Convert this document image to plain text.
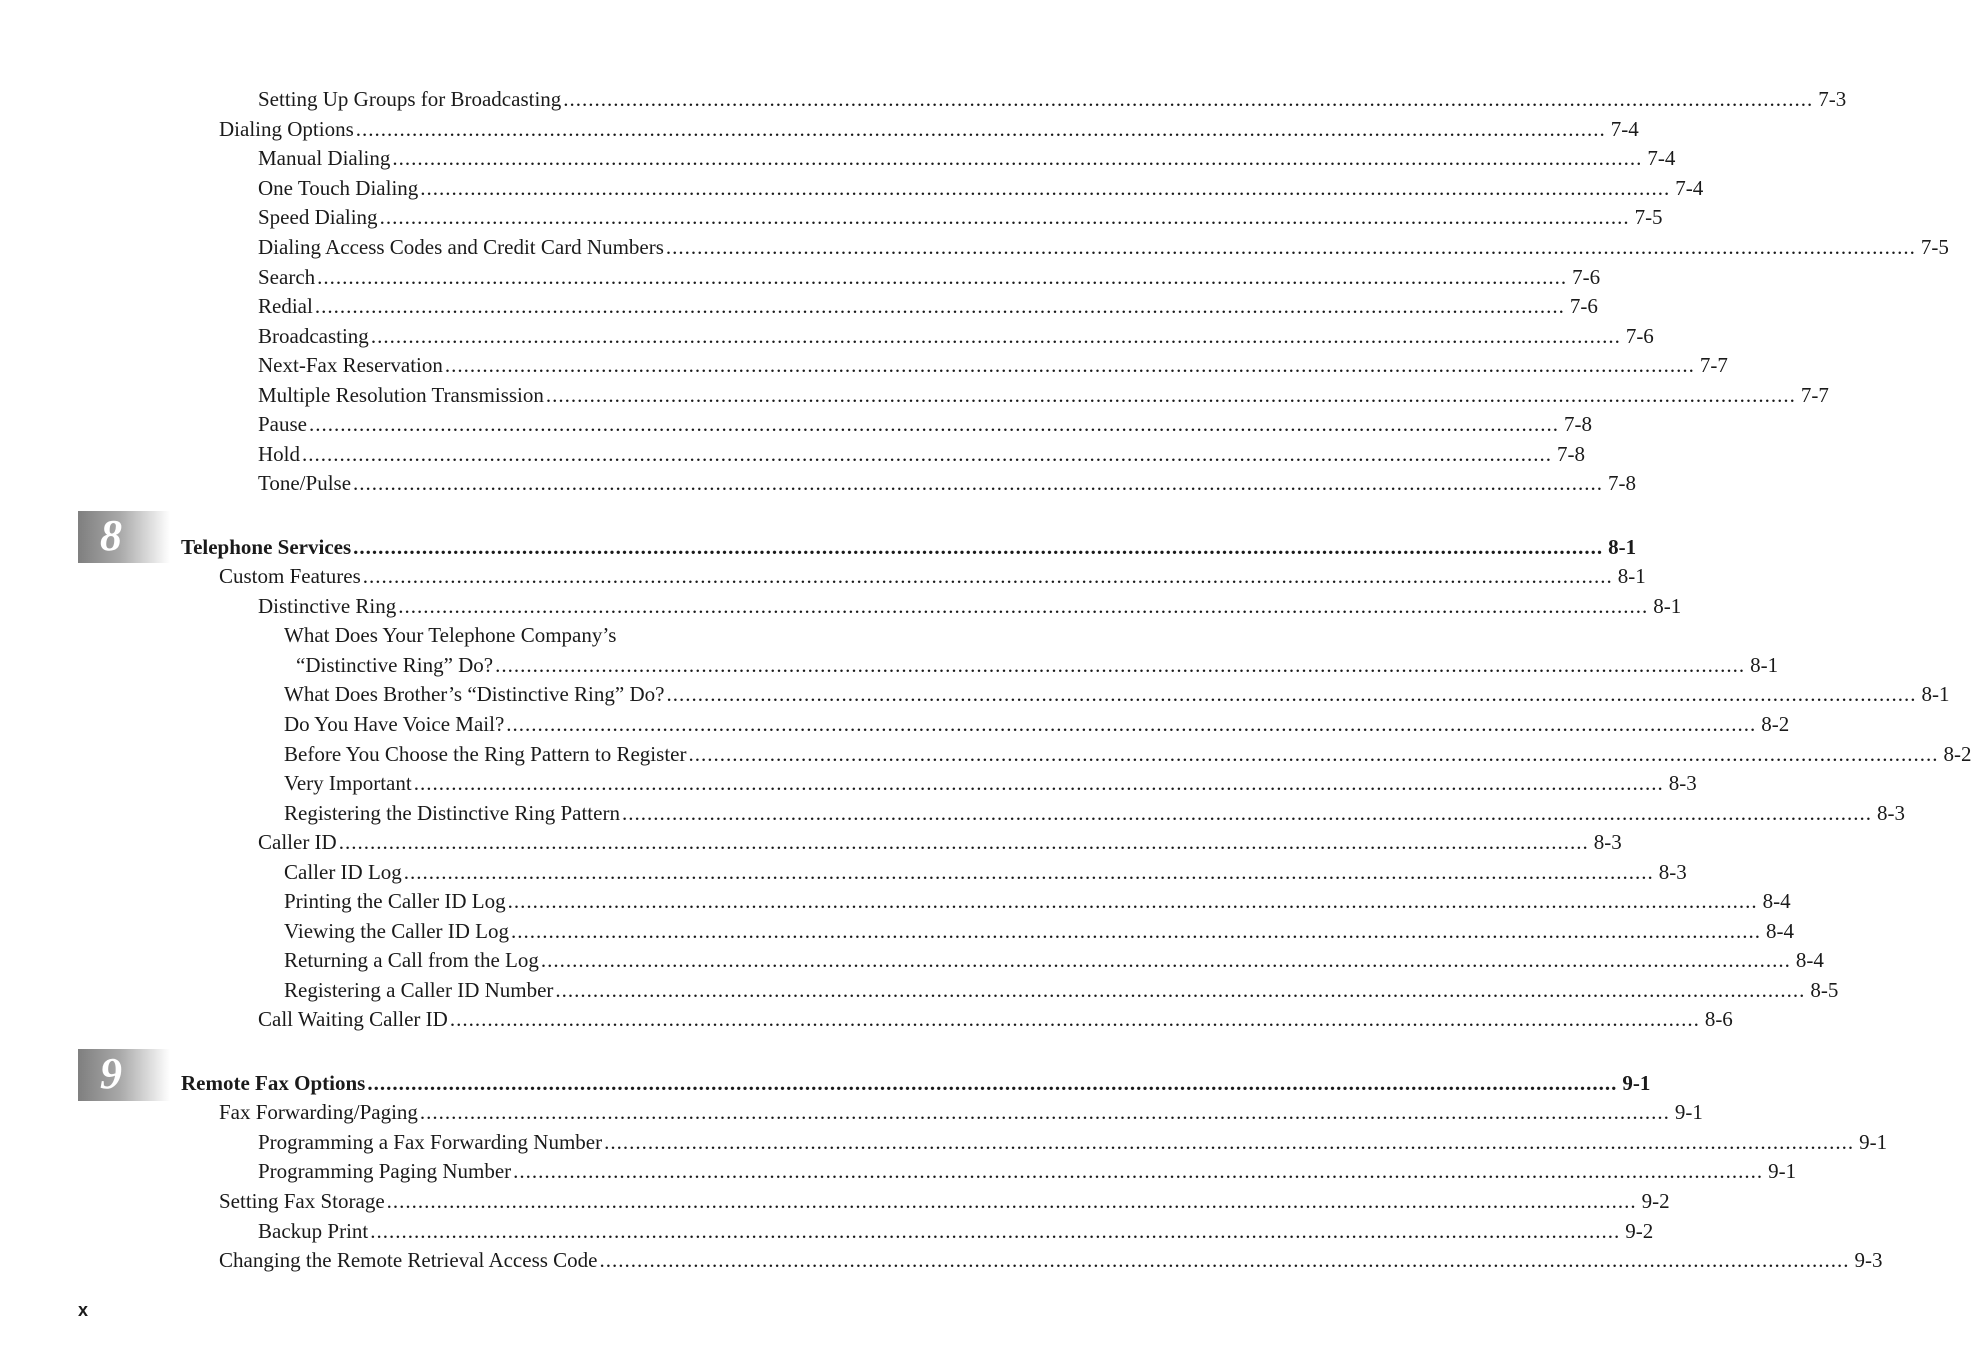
8
9
Setting Up Groups for Broadcasting ........................................................................................................................................................................................................ 7-3
Dialing Options ........................................................................................................................................................................................................ 7-4
Manual Dialing ........................................................................................................................................................................................................ 7-4
One Touch Dialing ........................................................................................................................................................................................................ 7-4
Speed Dialing ........................................................................................................................................................................................................ 7-5
Dialing Access Codes and Credit Card Numbers ........................................................................................................................................................................................................ 7-5
Search ........................................................................................................................................................................................................ 7-6
Redial ........................................................................................................................................................................................................ 7-6
Broadcasting ........................................................................................................................................................................................................ 7-6
Next-Fax Reservation ........................................................................................................................................................................................................ 7-7
Multiple Resolution Transmission ........................................................................................................................................................................................................ 7-7
Pause ........................................................................................................................................................................................................ 7-8
Hold ........................................................................................................................................................................................................ 7-8
Tone/Pulse ........................................................................................................................................................................................................ 7-8
Telephone Services ........................................................................................................................................................................................................ 8-1
Custom Features ........................................................................................................................................................................................................ 8-1
Distinctive Ring ........................................................................................................................................................................................................ 8-1
What Does Your Telephone Company’s
“Distinctive Ring” Do? ........................................................................................................................................................................................................ 8-1
What Does Brother’s “Distinctive Ring” Do? ........................................................................................................................................................................................................ 8-1
Do You Have Voice Mail? ........................................................................................................................................................................................................ 8-2
Before You Choose the Ring Pattern to Register ........................................................................................................................................................................................................ 8-2
Very Important ........................................................................................................................................................................................................ 8-3
Registering the Distinctive Ring Pattern ........................................................................................................................................................................................................ 8-3
Caller ID ........................................................................................................................................................................................................ 8-3
Caller ID Log ........................................................................................................................................................................................................ 8-3
Printing the Caller ID Log ........................................................................................................................................................................................................ 8-4
Viewing the Caller ID Log ........................................................................................................................................................................................................ 8-4
Returning a Call from the Log ........................................................................................................................................................................................................ 8-4
Registering a Caller ID Number ........................................................................................................................................................................................................ 8-5
Call Waiting Caller ID ........................................................................................................................................................................................................ 8-6
Remote Fax Options ........................................................................................................................................................................................................ 9-1
Fax Forwarding/Paging ........................................................................................................................................................................................................ 9-1
Programming a Fax Forwarding Number ........................................................................................................................................................................................................ 9-1
Programming Paging Number ........................................................................................................................................................................................................ 9-1
Setting Fax Storage ........................................................................................................................................................................................................ 9-2
Backup Print ........................................................................................................................................................................................................ 9-2
Changing the Remote Retrieval Access Code ........................................................................................................................................................................................................ 9-3
x
